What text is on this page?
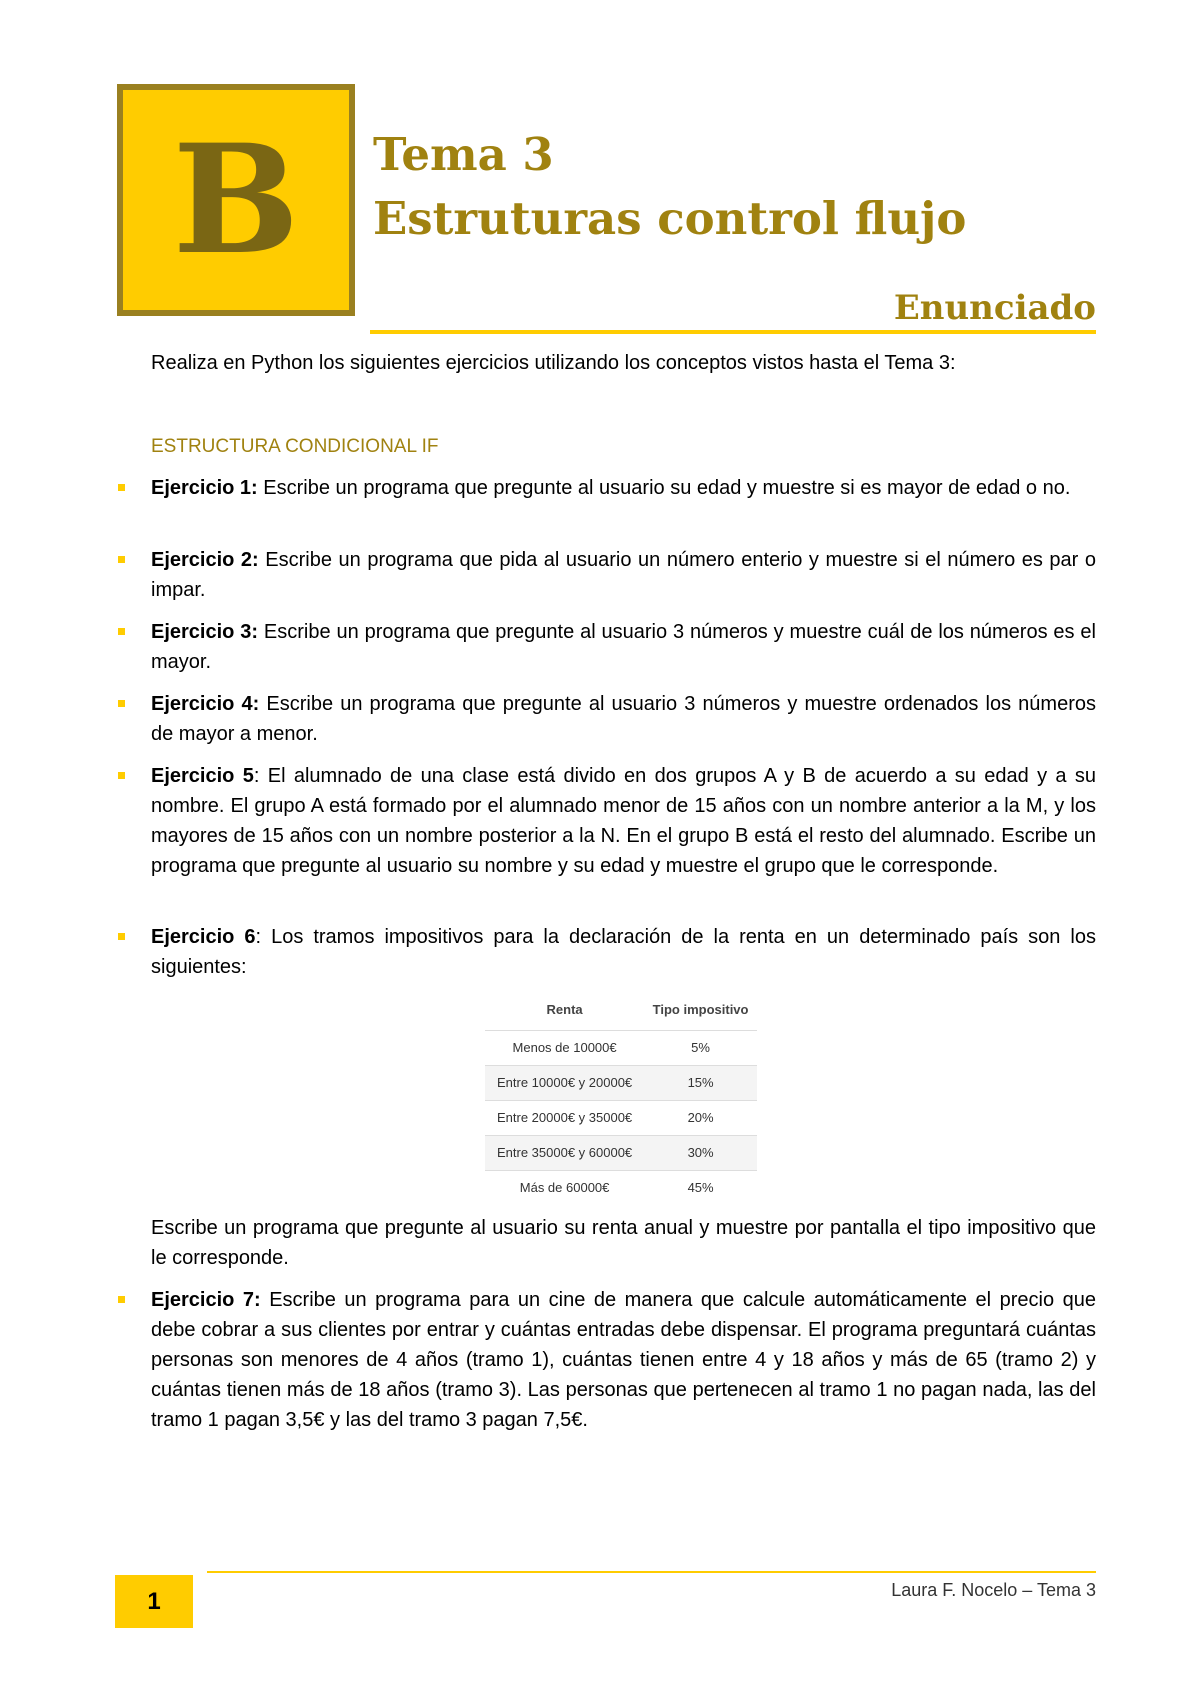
B Tema 3
Estruturas control flujo
Enunciado
Realiza en Python los siguientes ejercicios utilizando los conceptos vistos hasta el Tema 3:
ESTRUCTURA CONDICIONAL IF
Ejercicio 1: Escribe un programa que pregunte al usuario su edad y muestre si es mayor de edad o no.
Ejercicio 2: Escribe un programa que pida al usuario un número enterio y muestre si el número es par o impar.
Ejercicio 3: Escribe un programa que pregunte al usuario 3 números y muestre cuál de los números es el mayor.
Ejercicio 4: Escribe un programa que pregunte al usuario 3 números y muestre ordenados los números de mayor a menor.
Ejercicio 5: El alumnado de una clase está divido en dos grupos A y B de acuerdo a su edad y a su nombre. El grupo A está formado por el alumnado menor de 15 años con un nombre anterior a la M, y los mayores de 15 años con un nombre posterior a la N. En el grupo B está el resto del alumnado. Escribe un programa que pregunte al usuario su nombre y su edad y muestre el grupo que le corresponde.
Ejercicio 6: Los tramos impositivos para la declaración de la renta en un determinado país son los siguientes:
Renta	Tipo impositivo
Menos de 10000€	5%
Entre 10000€ y 20000€	15%
Entre 20000€ y 35000€	20%
Entre 35000€ y 60000€	30%
Más de 60000€	45%
Escribe un programa que pregunte al usuario su renta anual y muestre por pantalla el tipo impositivo que le corresponde.
Ejercicio 7: Escribe un programa para un cine de manera que calcule automáticamente el precio que debe cobrar a sus clientes por entrar y cuántas entradas debe dispensar. El programa preguntará cuántas personas son menores de 4 años (tramo 1), cuántas tienen entre 4 y 18 años y más de 65 (tramo 2) y cuántas tienen más de 18 años (tramo 3). Las personas que pertenecen al tramo 1 no pagan nada, las del tramo 1 pagan 3,5€ y las del tramo 3 pagan 7,5€.
1	Laura F. Nocelo – Tema 3
